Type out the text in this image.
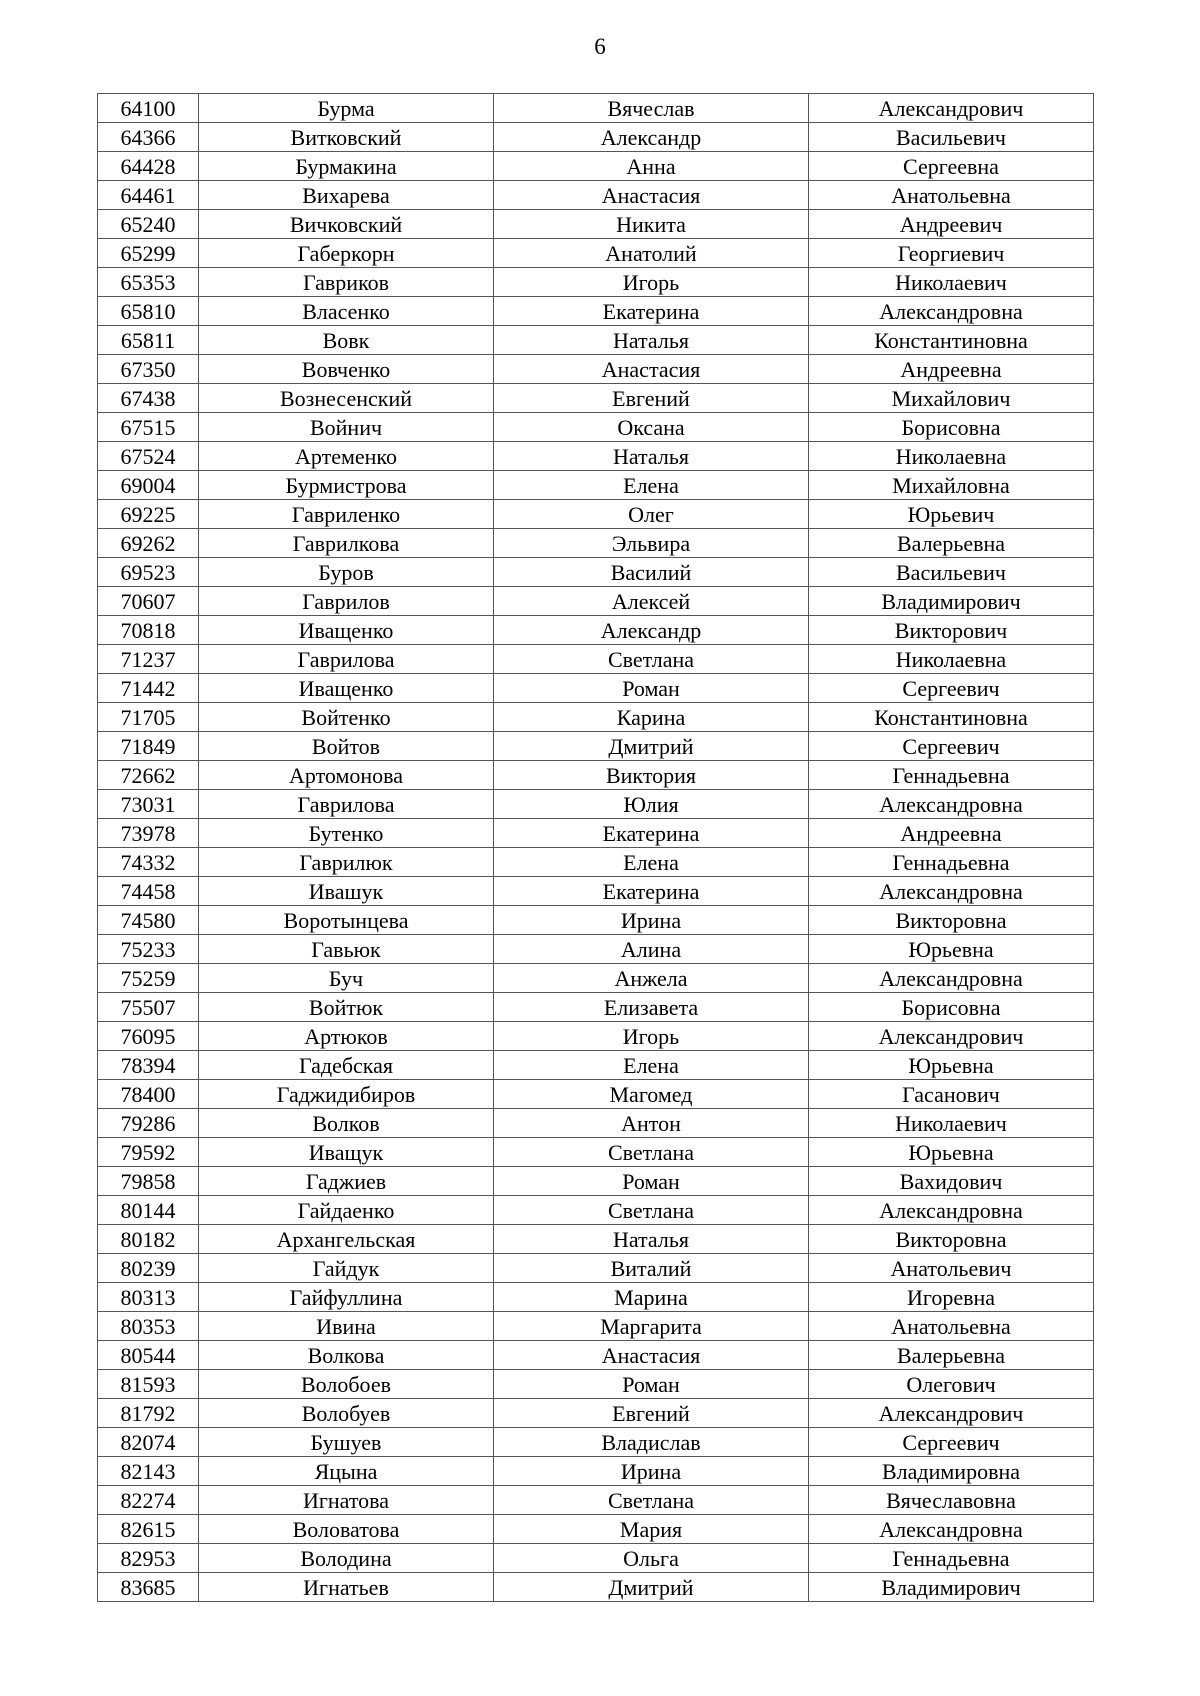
6
64100	Бурма	Вячеслав	Александрович
64366	Витковский	Александр	Васильевич
64428	Бурмакина	Анна	Сергеевна
64461	Вихарева	Анастасия	Анатольевна
65240	Вичковский	Никита	Андреевич
65299	Габеркорн	Анатолий	Георгиевич
65353	Гавриков	Игорь	Николаевич
65810	Власенко	Екатерина	Александровна
65811	Вовк	Наталья	Константиновна
67350	Вовченко	Анастасия	Андреевна
67438	Вознесенский	Евгений	Михайлович
67515	Войнич	Оксана	Борисовна
67524	Артеменко	Наталья	Николаевна
69004	Бурмистрова	Елена	Михайловна
69225	Гавриленко	Олег	Юрьевич
69262	Гаврилкова	Эльвира	Валерьевна
69523	Буров	Василий	Васильевич
70607	Гаврилов	Алексей	Владимирович
70818	Иващенко	Александр	Викторович
71237	Гаврилова	Светлана	Николаевна
71442	Иващенко	Роман	Сергеевич
71705	Войтенко	Карина	Константиновна
71849	Войтов	Дмитрий	Сергеевич
72662	Артомонова	Виктория	Геннадьевна
73031	Гаврилова	Юлия	Александровна
73978	Бутенко	Екатерина	Андреевна
74332	Гаврилюк	Елена	Геннадьевна
74458	Ивашук	Екатерина	Александровна
74580	Воротынцева	Ирина	Викторовна
75233	Гавьюк	Алина	Юрьевна
75259	Буч	Анжела	Александровна
75507	Войтюк	Елизавета	Борисовна
76095	Артюков	Игорь	Александрович
78394	Гадебская	Елена	Юрьевна
78400	Гаджидибиров	Магомед	Гасанович
79286	Волков	Антон	Николаевич
79592	Иващук	Светлана	Юрьевна
79858	Гаджиев	Роман	Вахидович
80144	Гайдаенко	Светлана	Александровна
80182	Архангельская	Наталья	Викторовна
80239	Гайдук	Виталий	Анатольевич
80313	Гайфуллина	Марина	Игоревна
80353	Ивина	Маргарита	Анатольевна
80544	Волкова	Анастасия	Валерьевна
81593	Волобоев	Роман	Олегович
81792	Волобуев	Евгений	Александрович
82074	Бушуев	Владислав	Сергеевич
82143	Яцына	Ирина	Владимировна
82274	Игнатова	Светлана	Вячеславовна
82615	Воловатова	Мария	Александровна
82953	Володина	Ольга	Геннадьевна
83685	Игнатьев	Дмитрий	Владимирович
